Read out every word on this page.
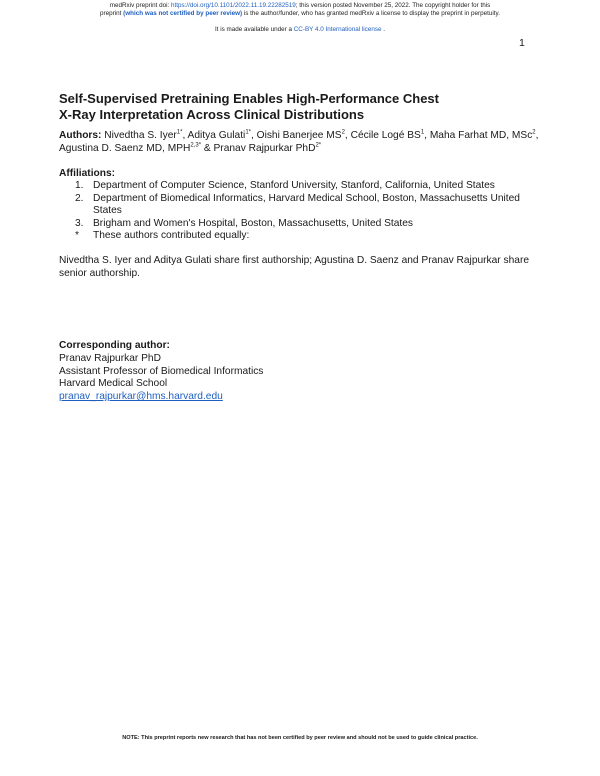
medRxiv preprint doi: https://doi.org/10.1101/2022.11.19.22282519; this version posted November 25, 2022. The copyright holder for this
preprint (which was not certified by peer review) is the author/funder, who has granted medRxiv a license to display the preprint in perpetuity.
It is made available under a CC-BY 4.0 International license .
1
Self-Supervised Pretraining Enables High-Performance Chest
X-Ray Interpretation Across Clinical Distributions
Authors: Nivedtha S. Iyer$^{1*}$, Aditya Gulati$^{1*}$, Oishi Banerjee $MS^2$, Cécile Logé $BS^1$, Maha Farhat MD, MSc$^2$, Agustina D. Saenz MD, $MPH^{2,3*}$ & Pranav Rajpurkar PhD$^{2*}$
Affiliations:
1. Department of Computer Science, Stanford University, Stanford, California, United States
2. Department of Biomedical Informatics, Harvard Medical School, Boston, Massachusetts United States
3. Brigham and Women's Hospital, Boston, Massachusetts, United States
*	These authors contributed equally:
Nivedtha S. Iyer and Aditya Gulati share first authorship; Agustina D. Saenz and Pranav Rajpurkar share senior authorship.
Corresponding author:
Pranav Rajpurkar PhD
Assistant Professor of Biomedical Informatics
Harvard Medical School
pranav_rajpurkar@hms.harvard.edu
NOTE: This preprint reports new research that has not been certified by peer review and should not be used to guide clinical practice.
